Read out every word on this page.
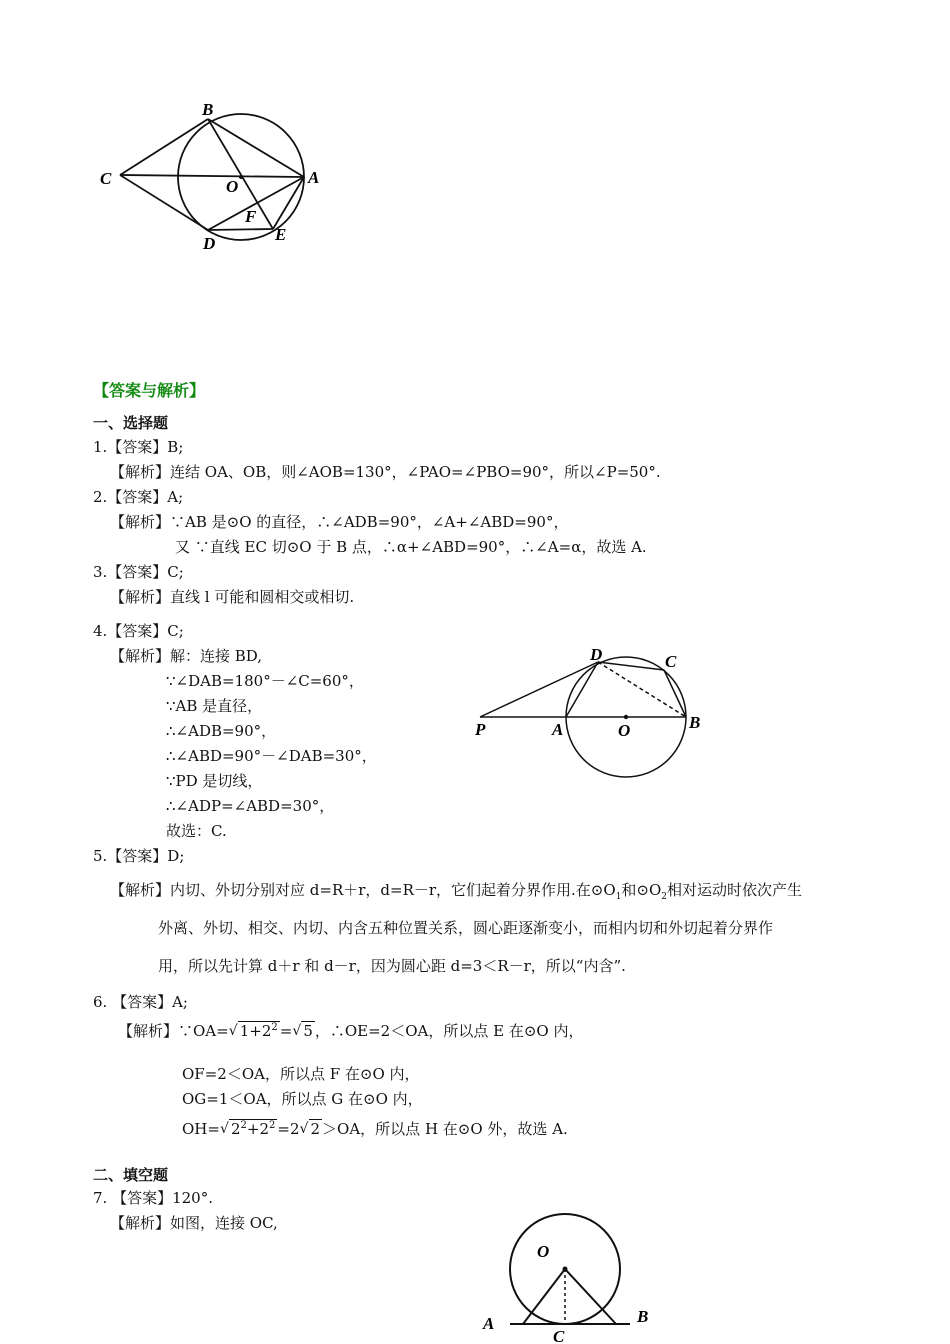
B
C	O	A
F
D	E
【答案与解析】
一、选择题
1.【答案】B;
【解析】连结 OA、OB，则∠AOB=130°，∠PAO=∠PBO=90°，所以∠P=50°.
2.【答案】A;
【解析】∵AB 是⊙O 的直径，∴∠ADB=90°，∠A+∠ABD=90°，
又 ∵直线 EC 切⊙O 于 B 点，∴α+∠ABD=90°，∴∠A=α，故选 A.
3.【答案】C;
【解析】直线 l 可能和圆相交或相切.
4.【答案】C;
【解析】解：连接 BD,
∵∠DAB=180°－∠C=60°，
∵AB 是直径，
∴∠ADB=90°，
∴∠ABD=90°－∠DAB=30°，
∵PD 是切线，
∴∠ADP=∠ABD=30°，
故选：C.
D	C
P	A	O	B
5.【答案】D;
【解析】内切、外切分别对应 d=R＋r，d=R－r，它们起着分界作用.在$⊙O_1$和$⊙O_2$相对运动时依次产生
外离、外切、相交、内切、内含五种位置关系，圆心距逐渐变小，而相内切和外切起着分界作
用，所以先计算 d＋r 和 d－r，因为圆心距 d=3＜R－r，所以“内含”.
6. 【答案】A;
【解析】∵OA= √ $1+2^2$ = √ 5 ，∴OE=2＜OA，所以点 E 在⊙O 内，
OF=2＜OA，所以点 F 在⊙O 内，
OG=1＜OA，所以点 G 在⊙O 内，
OH= √ $2^2+2^2 =2$ √ 2 ＞OA，所以点 H 在⊙O 外，故选 A.
二、填空题
7. 【答案】120°.
【解析】如图，连接 OC,
O
A	B
C
